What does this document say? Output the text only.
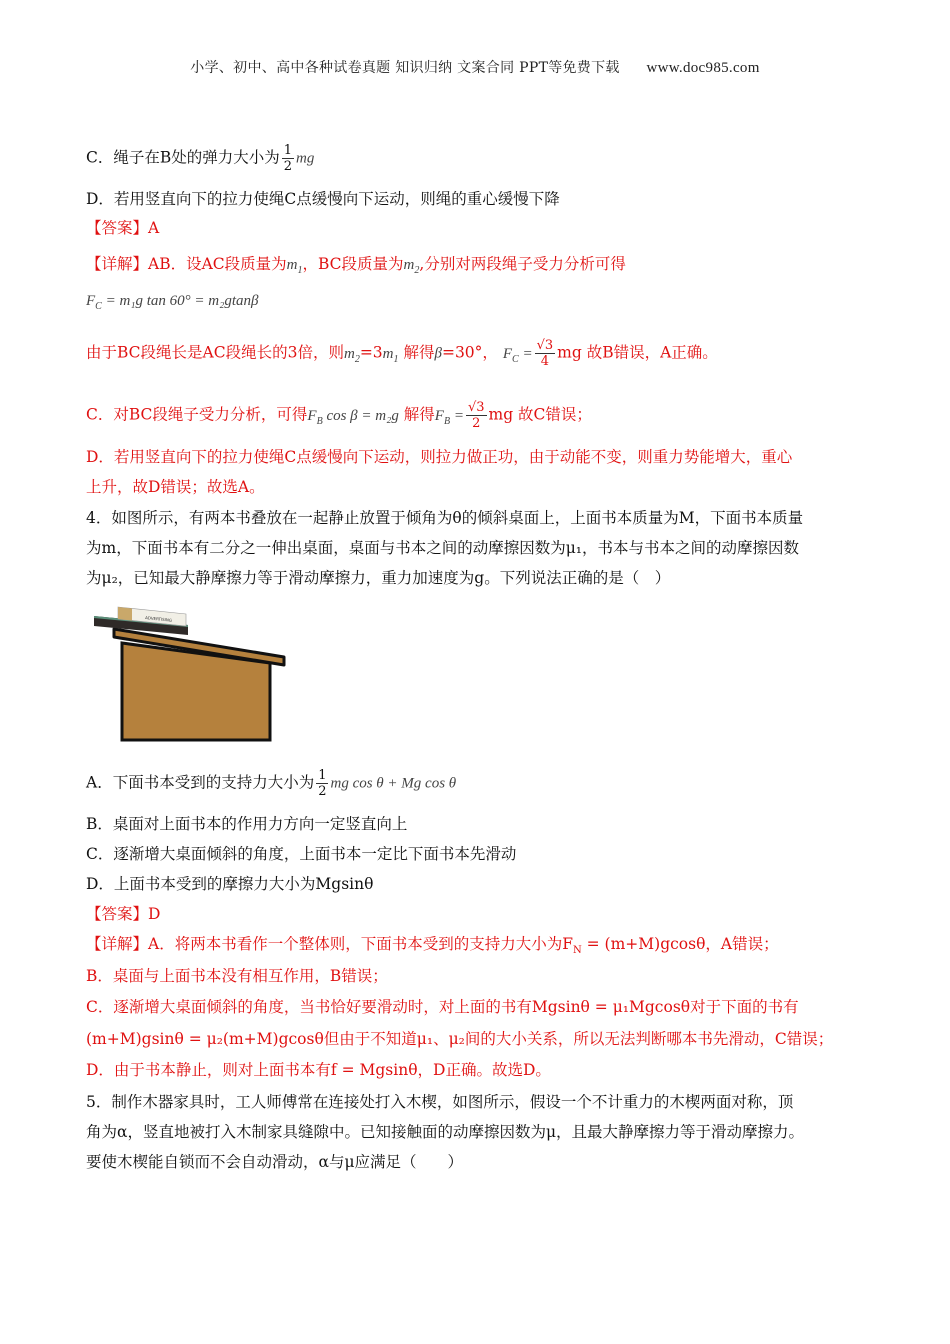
小学、初中、高中各种试卷真题 知识归纳 文案合同 PPT等免费下载 www.doc985.com
C．绳子在B处的弹力大小为 $\frac{1}{2}$ mg
D．若用竖直向下的拉力使绳C点缓慢向下运动，则绳的重心缓慢下降
【答案】A
【详解】AB．设AC段质量为$m_1$，BC段质量为$m_2$,分别对两段绳子受力分析可得
$F_C = m_1g$ tan 60° = m₂gtanβ
由于BC段绳长是AC段绳长的3倍，则$m_2=3m_1$ 解得β=30°， $F_C = \frac{√3}{4}$ mg 故B错误，A正确。
C．对BC段绳子受力分析，可得$F_B$ cos β = m₂g 解得$F_B = \frac{√3}{2}$ mg 故C错误；
D．若用竖直向下的拉力使绳C点缓慢向下运动，则拉力做正功，由于动能不变，则重力势能增大，重心
上升，故D错误；故选A。
4．如图所示，有两本书叠放在一起静止放置于倾角为θ的倾斜桌面上，上面书本质量为M，下面书本质量
为m，下面书本有二分之一伸出桌面，桌面与书本之间的动摩擦因数为μ₁，书本与书本之间的动摩擦因数
为μ₂，已知最大静摩擦力等于滑动摩擦力，重力加速度为g。下列说法正确的是（　）
ADVERTISING
A．下面书本受到的支持力大小为 $\frac{1}{2}$ mg cos θ + Mg cos θ
B．桌面对上面书本的作用力方向一定竖直向上
C．逐渐增大桌面倾斜的角度，上面书本一定比下面书本先滑动
D．上面书本受到的摩擦力大小为Mgsinθ
【答案】D
【详解】A．将两本书看作一个整体则，下面书本受到的支持力大小为$F_N = (m+M)gcos\theta$，A错误；
B．桌面与上面书本没有相互作用，B错误；
C．逐渐增大桌面倾斜的角度，当书恰好要滑动时，对上面的书有Mgsinθ = μ₁Mgcosθ对于下面的书有
(m+M)gsinθ = μ₂(m+M)gcosθ但由于不知道μ₁、μ₂间的大小关系，所以无法判断哪本书先滑动，C错误；
D．由于书本静止，则对上面书本有f = Mgsinθ，D正确。故选D。
5．制作木器家具时，工人师傅常在连接处打入木楔，如图所示，假设一个不计重力的木楔两面对称，顶
角为α，竖直地被打入木制家具缝隙中。已知接触面的动摩擦因数为μ，且最大静摩擦力等于滑动摩擦力。
要使木楔能自锁而不会自动滑动，α与μ应满足（　　）
